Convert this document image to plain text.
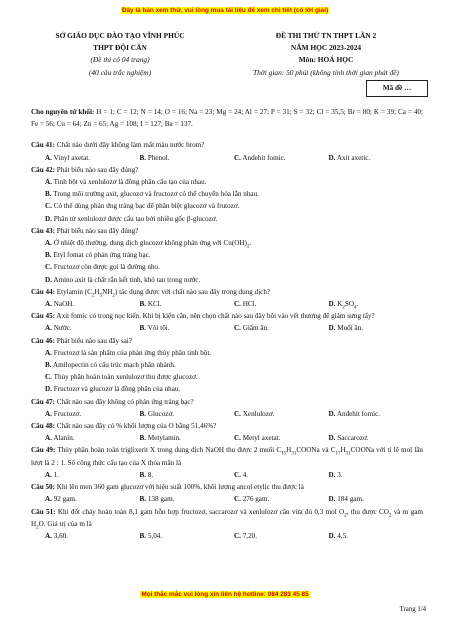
Đây là bản xem thử, vui lòng mua tài liệu để xem chi tiết (có lời giải)
SỞ GIÁO DỤC ĐÀO TẠO VĨNH PHÚC
THPT ĐỘI CẤN
(Đề thi có 04 trang)
(40 câu trắc nghiệm)
ĐỀ THI THỬ TN THPT LẦN 2
NĂM HỌC 2023-2024
Môn: HOÁ HỌC
Thời gian: 50 phút (không tính thời gian phát đề)
Mã đề …
Cho nguyên tử khối: H = 1; C = 12; N = 14; O = 16; Na = 23; Mg = 24; Al = 27; P = 31; S = 32; Cl = 35,5; Br = 80; K = 39; Ca = 40; Fe = 56; Cu = 64; Zn = 65; Ag = 108; I = 127; Ba = 137.
Câu 41: Chất nào dưới đây không làm mất màu nước brom?
A. Vinyl axetat.	B. Phenol.	C. Anđehit fomic.	D. Axit axetic.
Câu 42: Phát biểu nào sau đây đúng?
A. Tinh bột và xenlulozơ là đồng phân cấu tạo của nhau.
B. Trong môi trường axit, glucozơ và fructozơ có thể chuyển hóa lẫn nhau.
C. Có thể dùng phản ứng tráng bạc để phân biệt glucozơ và frutozơ.
D. Phân tử xenlulozơ được cấu tạo bởi nhiều gốc β-glucozơ.
Câu 43: Phát biểu nào sau đây đúng?
A. Ở nhiệt độ thường, dung dịch glucozơ không phản ứng với $Cu(OH)_2$.
B. Etyl fomat có phản ứng tráng bạc.
C. Fructozơ còn được gọi là đường nho.
D. Amino axit là chất rắn kết tinh, khó tan trong nước.
Câu 44: Etylamin $(C_2H_5NH_2)$ tác dụng được với chất nào sau đây trong dung dịch?
A. NaOH.	B. KCl.	C. HCl.	D. $K_2SO_4$.
Câu 45: Axit fomic có trong nọc kiến. Khi bị kiến cắn, nên chọn chất nào sau đây bôi vào vết thương để giảm sưng tấy?
A. Nước.	B. Vôi tôi.	C. Giấm ăn.	D. Muối ăn.
Câu 46: Phát biểu nào sau đây sai?
A. Fructozơ là sản phẩm của phản ứng thủy phân tinh bột.
B. Amilopectin có cấu trúc mạch phân nhánh.
C. Thủy phân hoàn toàn xenlulozơ thu được glucozơ.
D. Fructozơ và glucozơ là đồng phân của nhau.
Câu 47: Chất nào sau đây không có phản ứng tráng bạc?
A. Fructozơ.	B. Glucozơ.	C. Xenlulozơ.	D. Anđehit fomic.
Câu 48: Chất nào sau đây có % khối lượng của O bằng 51,46%?
A. Alanin.	B. Metylamin.	C. Metyl axetat.	D. Saccarozơ.
Câu 49: Thủy phân hoàn toàn triglixerit X trong dung dịch NaOH thu được 2 muối $C_{15}H_{31}COONa$ và $C_{17}H_{31}COONa$ với tỉ lệ mol lần lượt là 2 : 1. Số công thức cấu tạo của X thỏa mãn là
A. 1.	B. 8.	C. 4.	D. 3.
Câu 50: Khi lên men 360 gam glucozơ với hiệu suất 100%, khối lượng ancol etylic thu được là
A. 92 gam.	B. 138 gam.	C. 276 gam.	D. 184 gam.
Câu 51: Khi đốt cháy hoàn toàn 8,1 gam hỗn hợp fructozơ, saccarozơ và xenlulozơ cần vừa đủ 0,3 mol $O_2$, thu được $CO_2$ và m gam $H_2O$. Giá trị của m là
A. 3,60.	B. 5,04.	C. 7,20.	D. 4,5.
Mọi thắc mắc vui lòng xin liên hệ hotline: 084 283 45 85
Trang 1/4
